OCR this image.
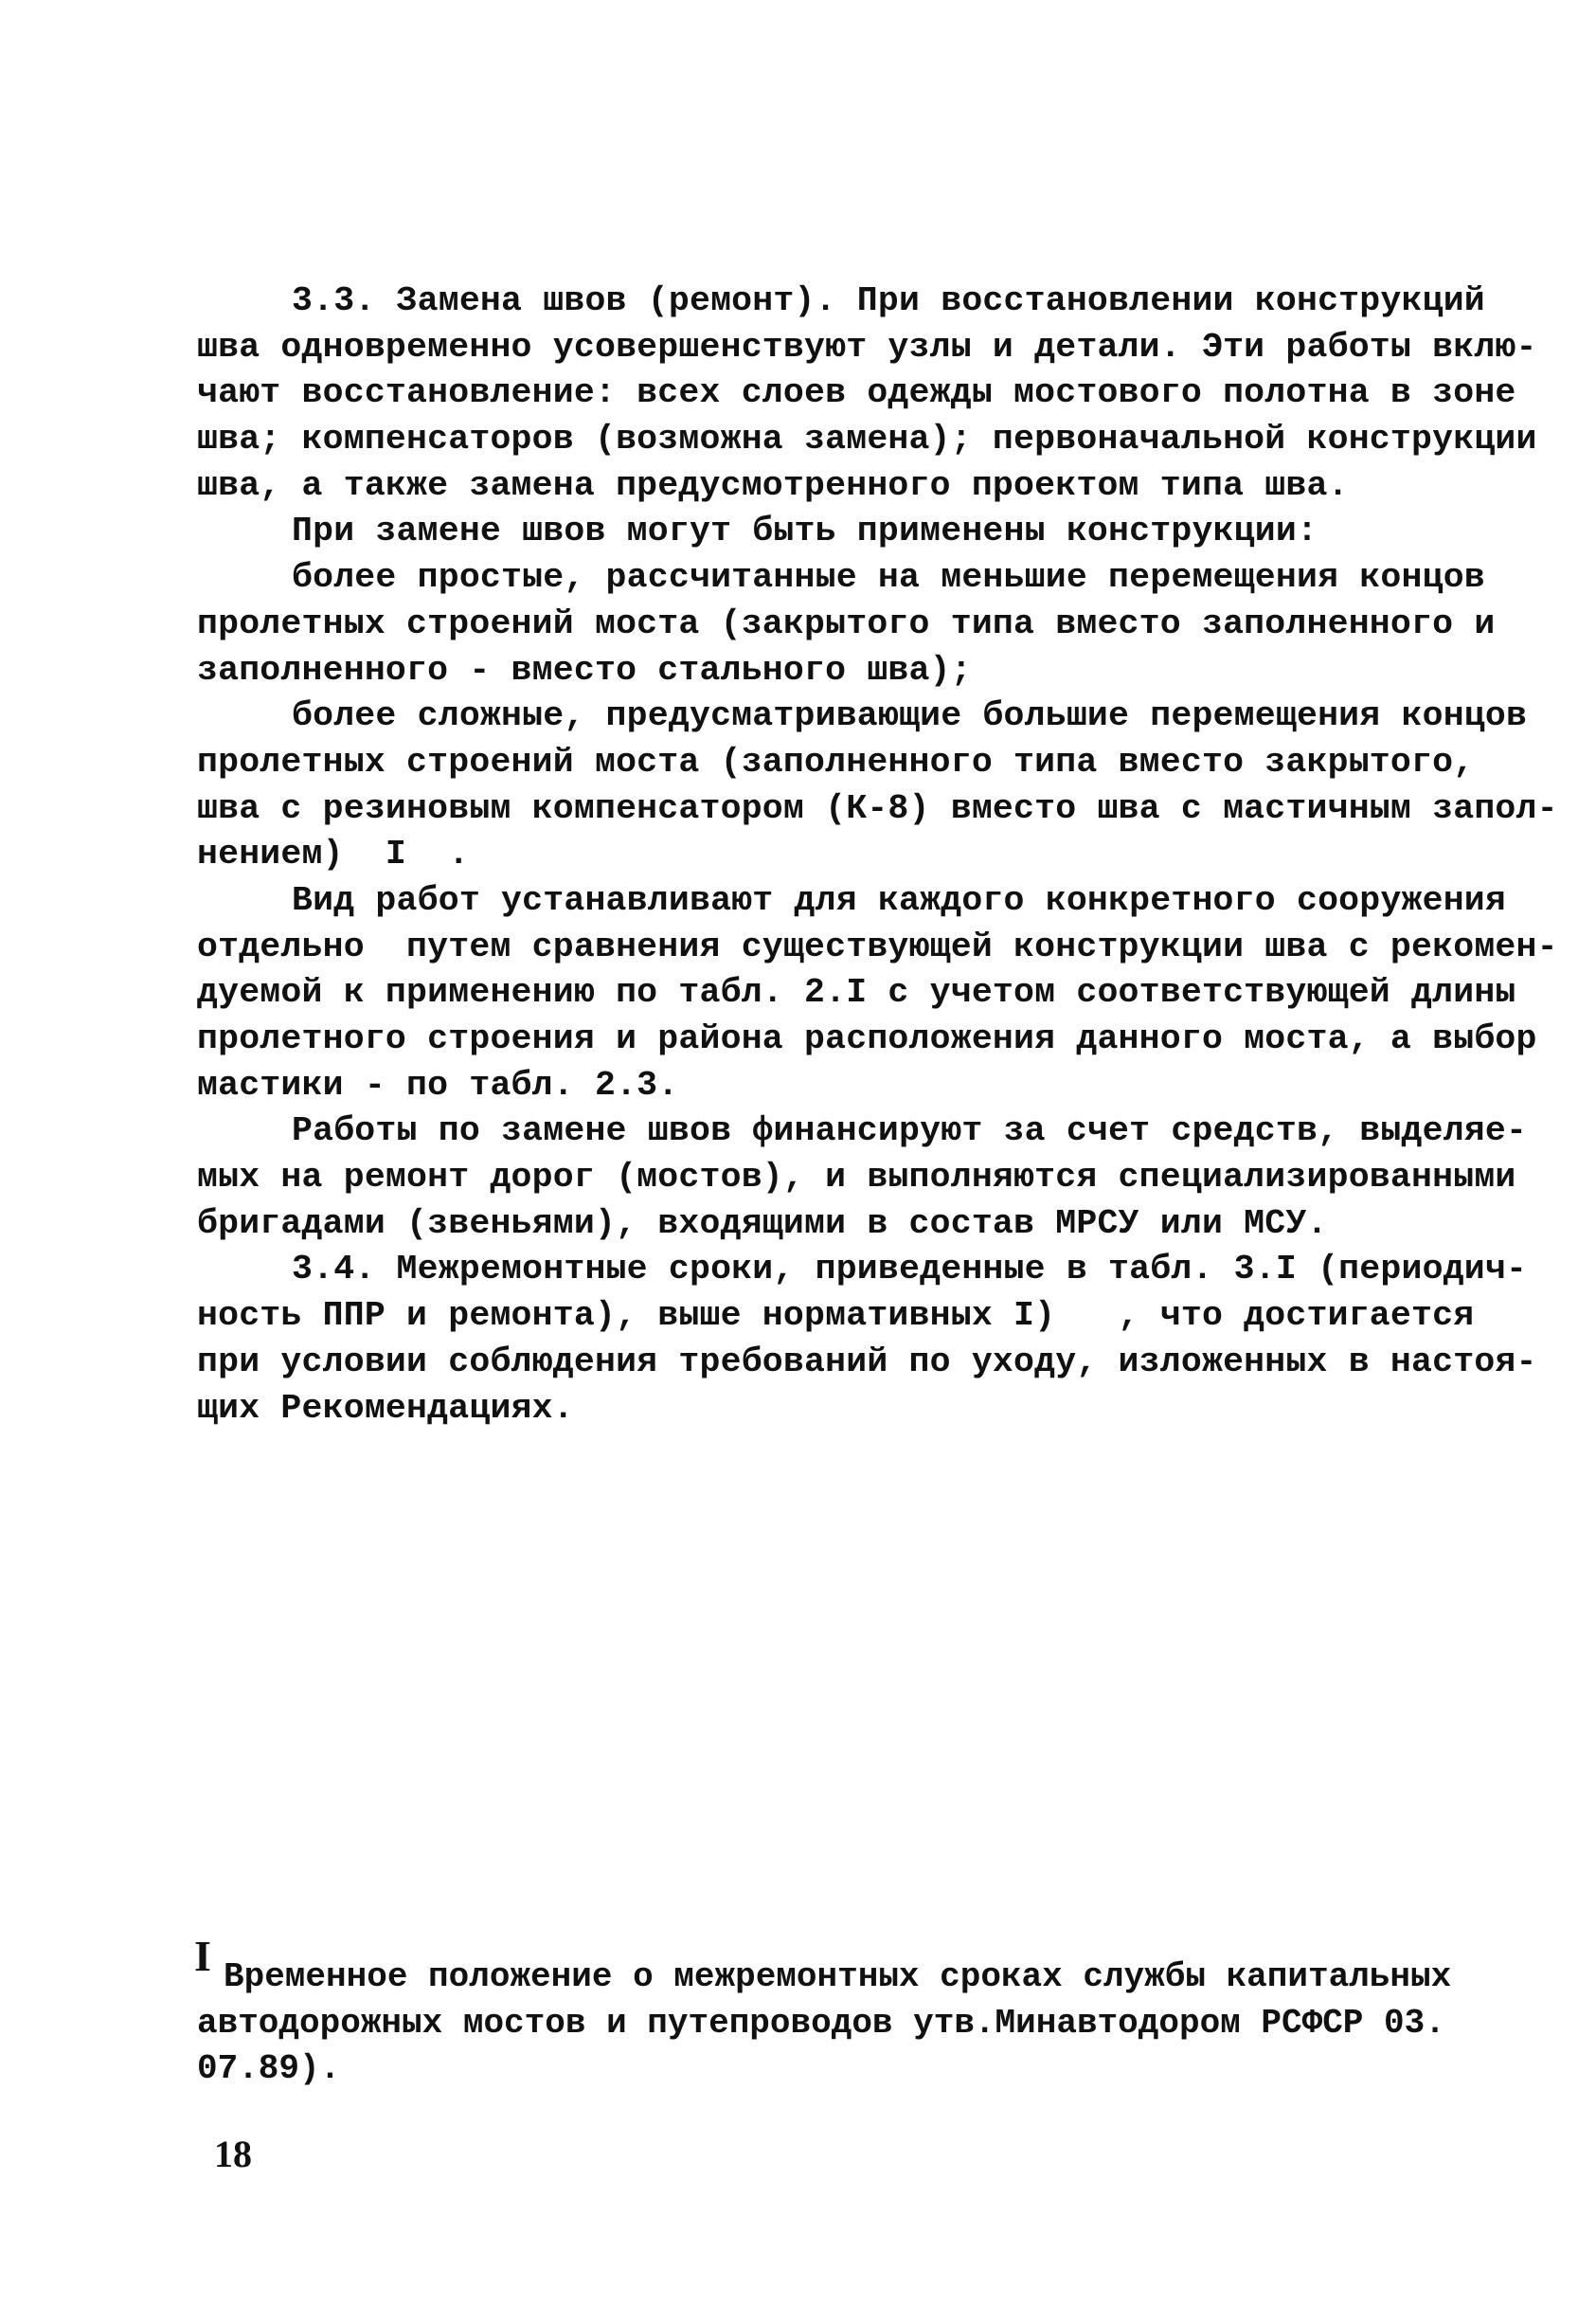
3.3. Замена швов (ремонт). При восстановлении конструкций
шва одновременно усовершенствуют узлы и детали. Эти работы вклю-
чают восстановление: всех слоев одежды мостового полотна в зоне
шва; компенсаторов (возможна замена); первоначальной конструкции
шва, а также замена предусмотренного проектом типа шва.
При замене швов могут быть применены конструкции:
более простые, рассчитанные на меньшие перемещения концов
пролетных строений моста (закрытого типа вместо заполненного и
заполненного - вместо стального шва);
более сложные, предусматривающие большие перемещения концов
пролетных строений моста (заполненного типа вместо закрытого,
шва с резиновым компенсатором (К-8) вместо шва с мастичным запол-
нением)  I  .
Вид работ устанавливают для каждого конкретного сооружения
отдельно  путем сравнения существующей конструкции шва с рекомен-
дуемой к применению по табл. 2.I с учетом соответствующей длины
пролетного строения и района расположения данного моста, а выбор
мастики - по табл. 2.3.
Работы по замене швов финансируют за счет средств, выделяе-
мых на ремонт дорог (мостов), и выполняются специализированными
бригадами (звеньями), входящими в состав МРСУ или МСУ.
3.4. Межремонтные сроки, приведенные в табл. 3.I (периодич-
ность ППР и ремонта), выше нормативных I)   , что достигается
при условии соблюдения требований по уходу, изложенных в настоя-
щих Рекомендациях.
I Временное положение о межремонтных сроках службы капитальных
автодорожных мостов и путепроводов утв.Минавтодором РСФСР 03.
07.89).
18
